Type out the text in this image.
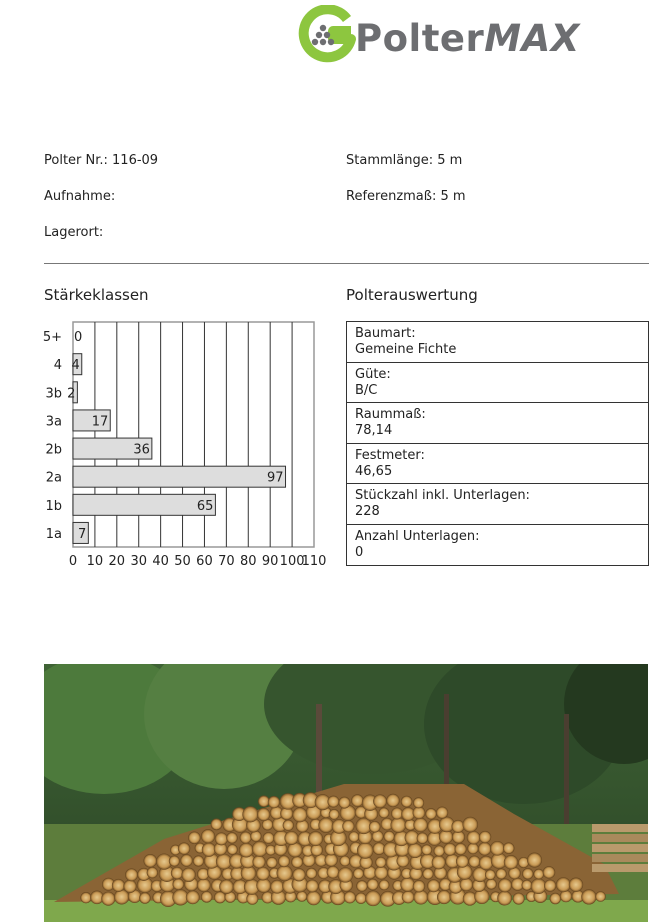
PolterMAX
Polter Nr.: 116-09
Aufnahme:
Lagerort:
Stammlänge: 5 m
Referenzmaß: 5 m
Stärkeklassen	Polterauswertung
0 10 20 30 40 50 60 70 80 90 100
110
5+ 0
4 4
3b 2
3a 17
2b	36
2a	97
1b	65
1a 7
Baumart:
Gemeine Fichte
Güte:
B/C
Raummaß:
78,14
Festmeter:
46,65
Stückzahl inkl. Unterlagen:
228
Anzahl Unterlagen:
0
